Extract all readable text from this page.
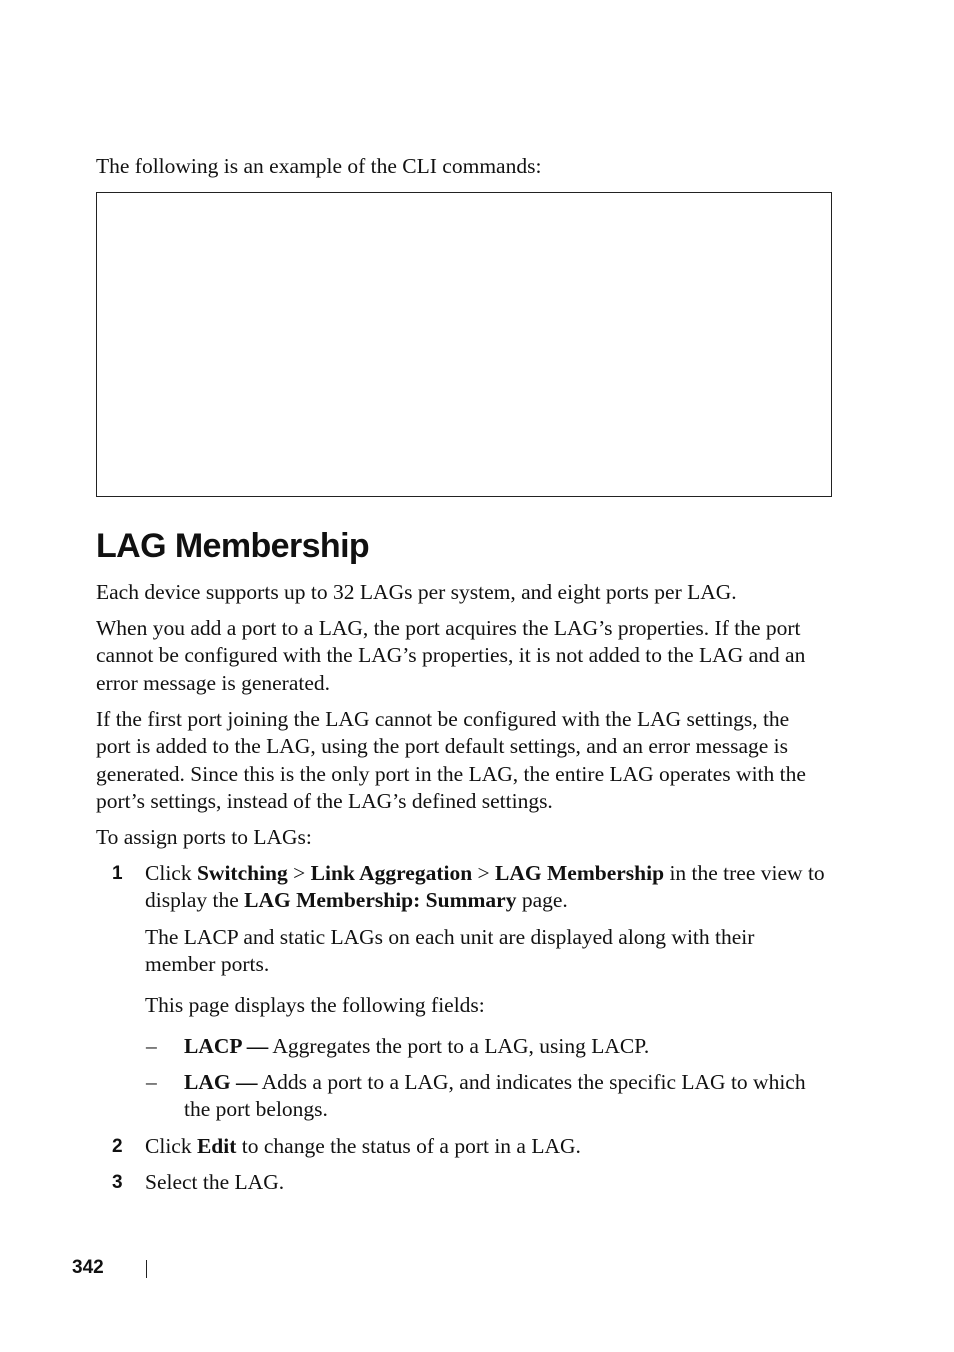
The following is an example of the CLI commands:
LAG Membership

Each device supports up to 32 LAGs per system, and eight ports per LAG.

When you add a port to a LAG, the port acquires the LAG’s properties. If the port cannot be configured with the LAG’s properties, it is not added to the LAG and an error message is generated.

If the first port joining the LAG cannot be configured with the LAG settings, the port is added to the LAG, using the port default settings, and an error message is generated. Since this is the only port in the LAG, the entire LAG operates with the port’s settings, instead of the LAG’s defined settings.

To assign ports to LAGs:

1 Click Switching > Link Aggregation > LAG Membership in the tree view to display the LAG Membership: Summary page.

The LACP and static LAGs on each unit are displayed along with their member ports.

This page displays the following fields:

– LACP — Aggregates the port to a LAG, using LACP.

– LAG — Adds a port to a LAG, and indicates the specific LAG to which the port belongs.

2 Click Edit to change the status of a port in a LAG.

3 Select the LAG.

342
